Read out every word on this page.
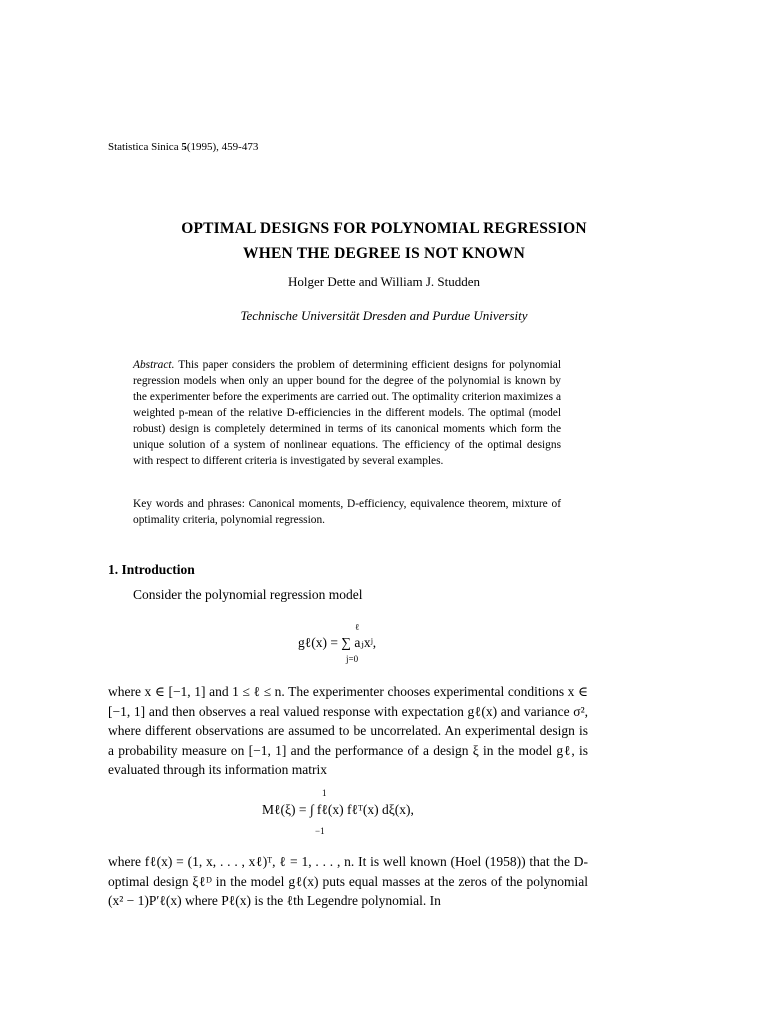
Statistica Sinica 5(1995), 459-473
OPTIMAL DESIGNS FOR POLYNOMIAL REGRESSION
WHEN THE DEGREE IS NOT KNOWN
Holger Dette and William J. Studden
Technische Universität Dresden and Purdue University
Abstract. This paper considers the problem of determining efficient designs for polynomial regression models when only an upper bound for the degree of the polynomial is known by the experimenter before the experiments are carried out. The optimality criterion maximizes a weighted p-mean of the relative D-efficiencies in the different models. The optimal (model robust) design is completely determined in terms of its canonical moments which form the unique solution of a system of nonlinear equations. The efficiency of the optimal designs with respect to different criteria is investigated by several examples.
Key words and phrases: Canonical moments, D-efficiency, equivalence theorem, mixture of optimality criteria, polynomial regression.
1. Introduction
Consider the polynomial regression model
gℓ(x) = ∑ aⱼxʲ,
ℓ
j=0
where x ∈ [−1, 1] and 1 ≤ ℓ ≤ n. The experimenter chooses experimental conditions x ∈ [−1, 1] and then observes a real valued response with expectation gℓ(x) and variance σ², where different observations are assumed to be uncorrelated. An experimental design is a probability measure on [−1, 1] and the performance of a design ξ in the model gℓ, is evaluated through its information matrix
Mℓ(ξ) = ∫ fℓ(x) fℓᵀ(x) dξ(x),
1
−1
where fℓ(x) = (1, x, . . . , xℓ)ᵀ, ℓ = 1, . . . , n. It is well known (Hoel (1958)) that the D-optimal design ξℓᴰ in the model gℓ(x) puts equal masses at the zeros of the polynomial (x² − 1)P′ℓ(x) where Pℓ(x) is the ℓth Legendre polynomial. In
